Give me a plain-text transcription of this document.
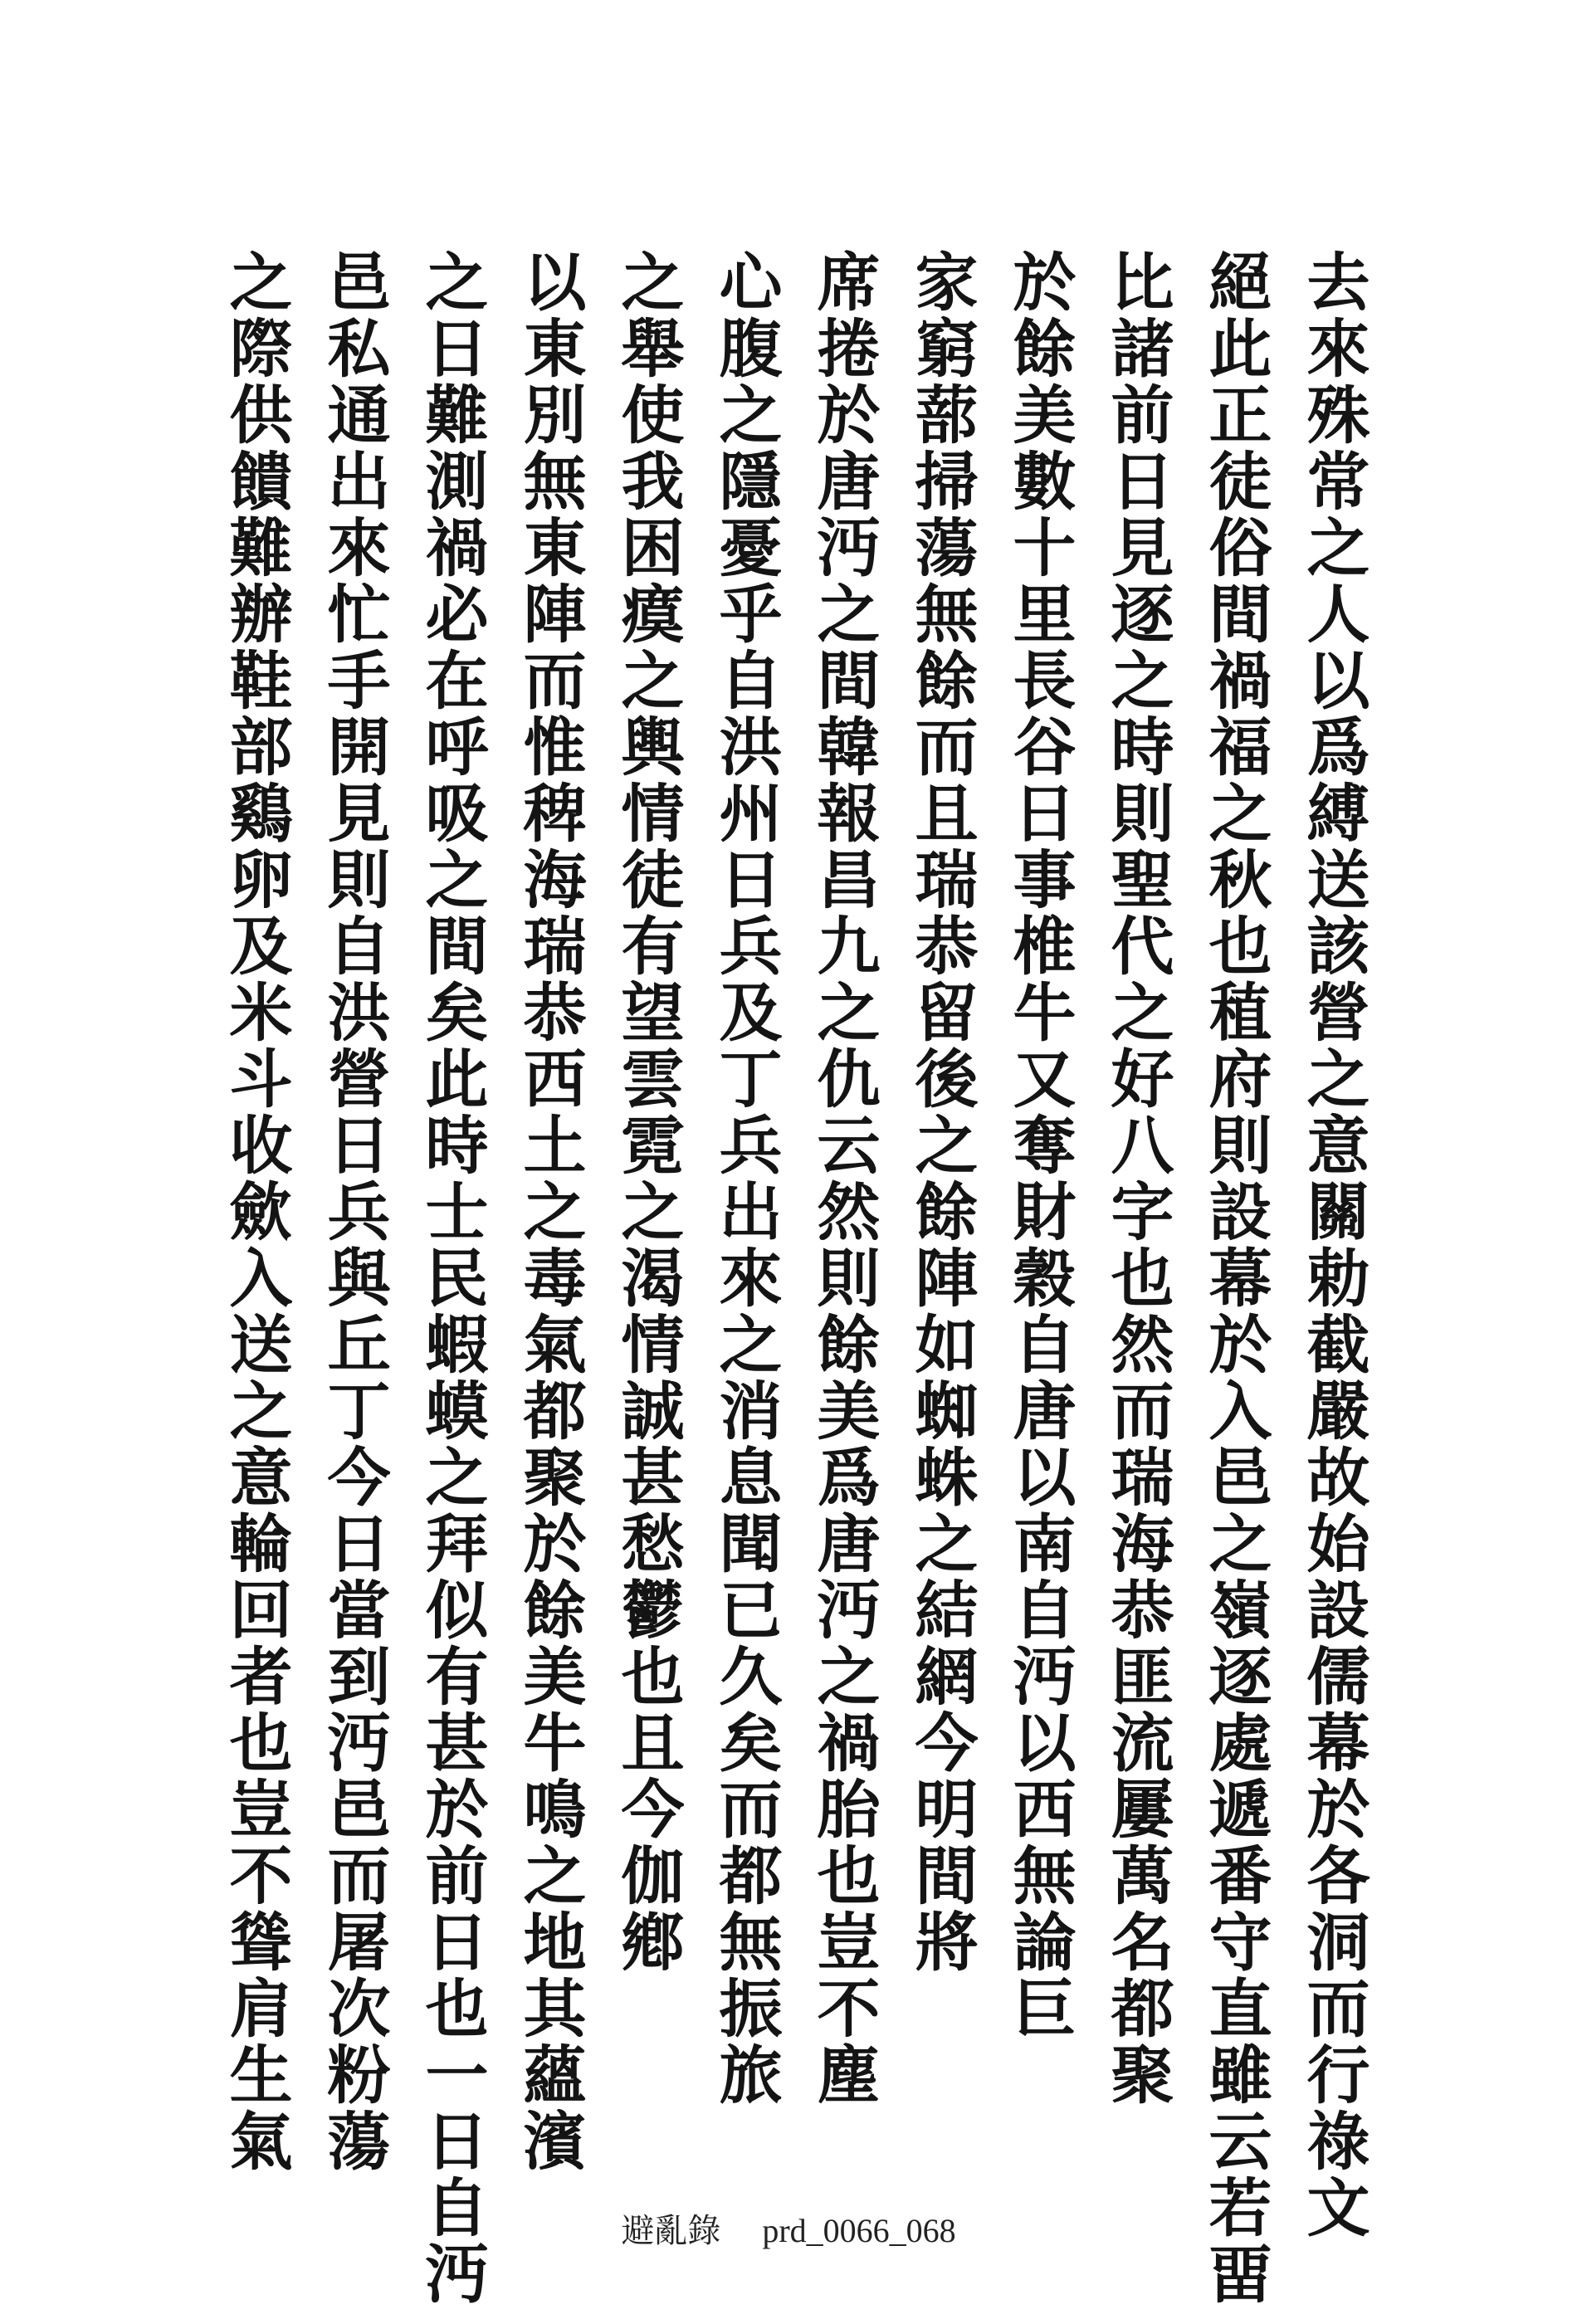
去來殊常之人以爲縛送該營之意關勅截嚴故始設儒幕於各洞而行祿文
絕此正徒俗間禍福之秋也稙府則設幕於入邑之嶺逐處遞番守直雖云若畱
比諸前日見逐之時則聖代之好八字也然而瑞海恭匪流屢萬名都聚
於餘美數十里長谷日事椎牛又奪財穀自唐以南自沔以西無論巨
家窮蔀掃蕩無餘而且瑞恭留後之餘陣如蜘蛛之結網今明間將
席捲於唐沔之間韓報昌九之仇云然則餘美爲唐沔之禍胎也豈不塵
心腹之隱憂乎自洪州日兵及丁兵出來之消息聞已久矣而都無振旅
之舉使我困瘼之輿情徒有望雲霓之渴情誠甚愁鬱也且今伽鄕
以東別無東陣而惟稗海瑞恭西土之毒氣都聚於餘美牛鳴之地其蘊濱
之日難測禍必在呼吸之間矣此時士民蝦蟆之拜似有甚於前日也一日自沔
邑私通出來忙手開見則自洪營日兵與丘丁今日當到沔邑而屠次粉蕩
之際供饋難辦鞋部鷄卵及米斗收歛入送之意輪回者也豈不聳肩生氣
避亂錄 prd_0066_068
